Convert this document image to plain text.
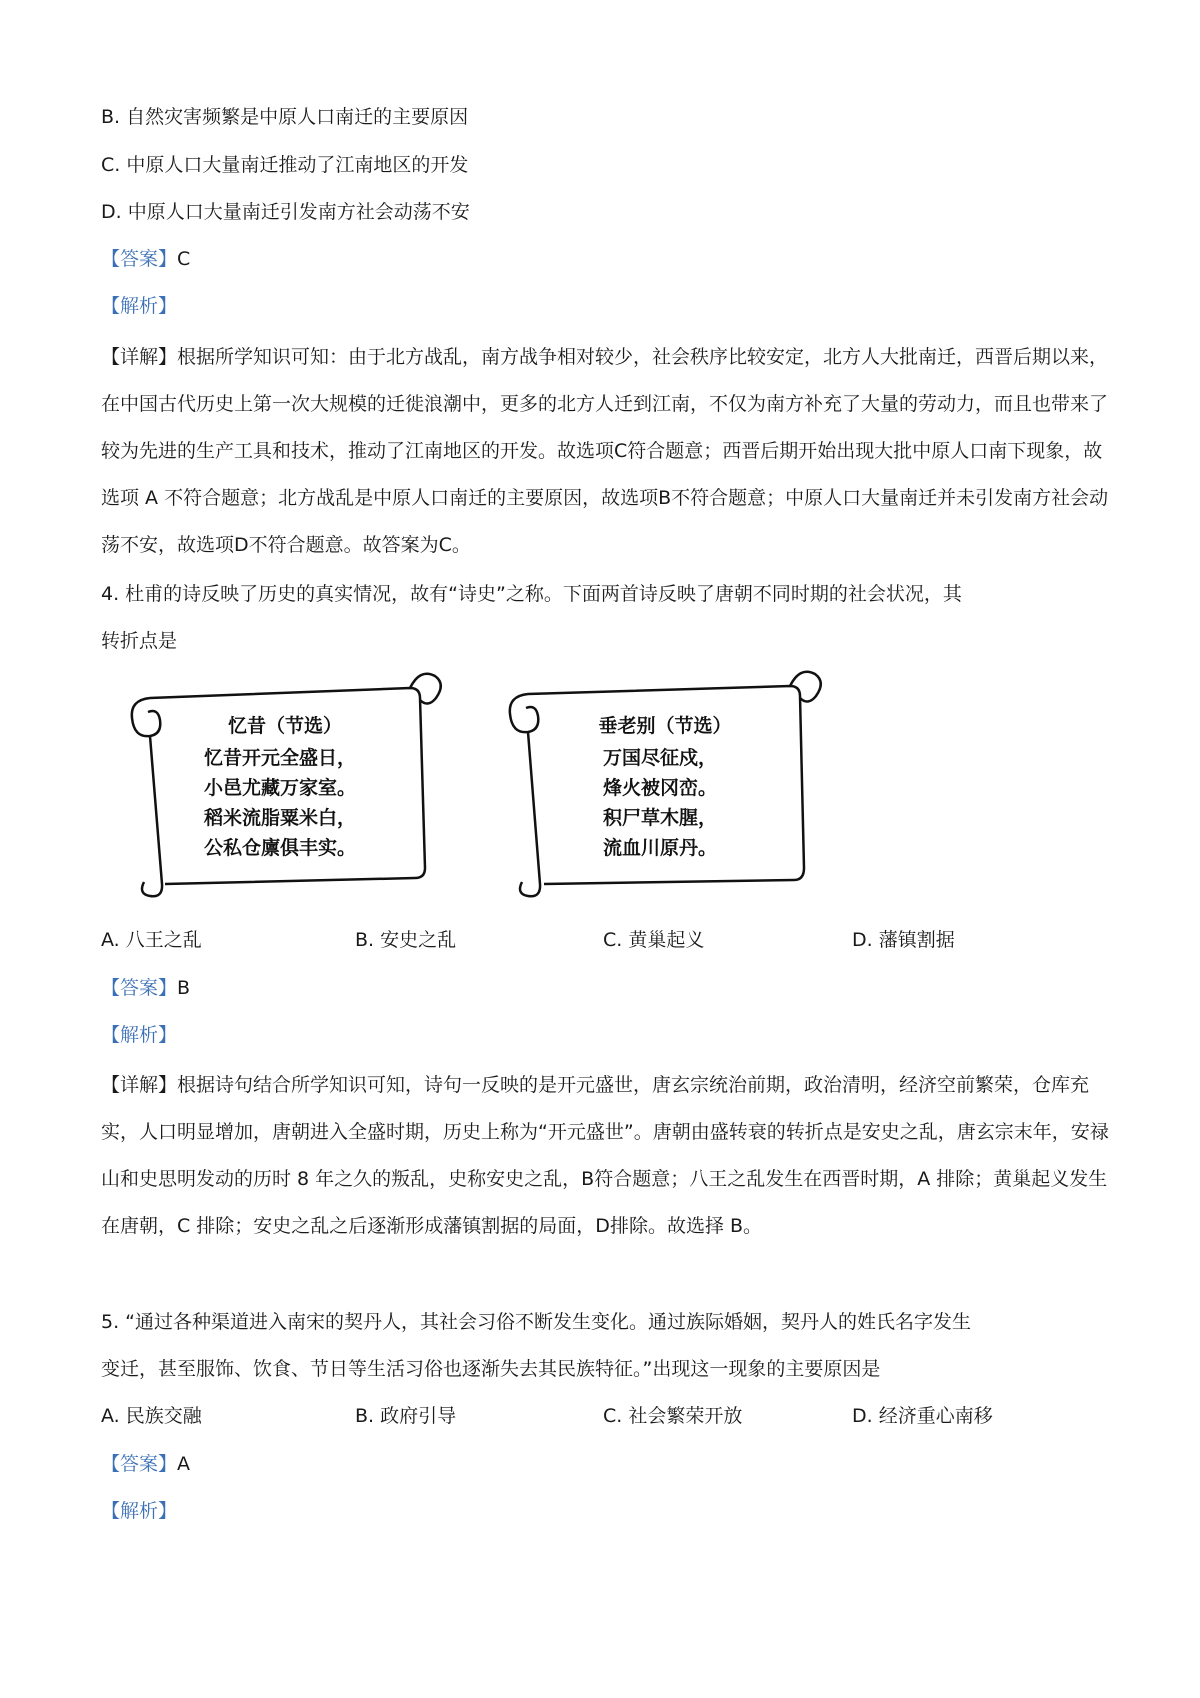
B. 自然灾害频繁是中原人口南迁的主要原因
C. 中原人口大量南迁推动了江南地区的开发
D. 中原人口大量南迁引发南方社会动荡不安
【答案】C
【解析】
【详解】根据所学知识可知：由于北方战乱，南方战争相对较少，社会秩序比较安定，北方人大批南迁，西晋后期以来，在中国古代历史上第一次大规模的迁徙浪潮中，更多的北方人迁到江南，不仅为南方补充了大量的劳动力，而且也带来了较为先进的生产工具和技术，推动了江南地区的开发。故选项C符合题意；西晋后期开始出现大批中原人口南下现象，故选项 A 不符合题意；北方战乱是中原人口南迁的主要原因，故选项B不符合题意；中原人口大量南迁并未引发南方社会动荡不安，故选项D不符合题意。故答案为C。
4. 杜甫的诗反映了历史的真实情况，故有“诗史”之称。下面两首诗反映了唐朝不同时期的社会状况，其
转折点是
忆昔（节选）
忆昔开元全盛日，
小邑尤藏万家室。
稻米流脂粟米白，
公私仓廪俱丰实。
垂老别（节选）
万国尽征戍，
烽火被冈峦。
积尸草木腥，
流血川原丹。
A. 八王之乱	B. 安史之乱	C. 黄巢起义	D. 藩镇割据
【答案】B
【解析】
【详解】根据诗句结合所学知识可知，诗句一反映的是开元盛世，唐玄宗统治前期，政治清明，经济空前繁荣，仓库充实，人口明显增加，唐朝进入全盛时期，历史上称为“开元盛世”。唐朝由盛转衰的转折点是安史之乱，唐玄宗末年，安禄山和史思明发动的历时 8 年之久的叛乱，史称安史之乱，B符合题意；八王之乱发生在西晋时期，A 排除；黄巢起义发生在唐朝，C 排除；安史之乱之后逐渐形成藩镇割据的局面，D排除。故选择 B。
5. “通过各种渠道进入南宋的契丹人，其社会习俗不断发生变化。通过族际婚姻，契丹人的姓氏名字发生
变迁，甚至服饰、饮食、节日等生活习俗也逐渐失去其民族特征。”出现这一现象的主要原因是
A. 民族交融	B. 政府引导	C. 社会繁荣开放	D. 经济重心南移
【答案】A
【解析】
